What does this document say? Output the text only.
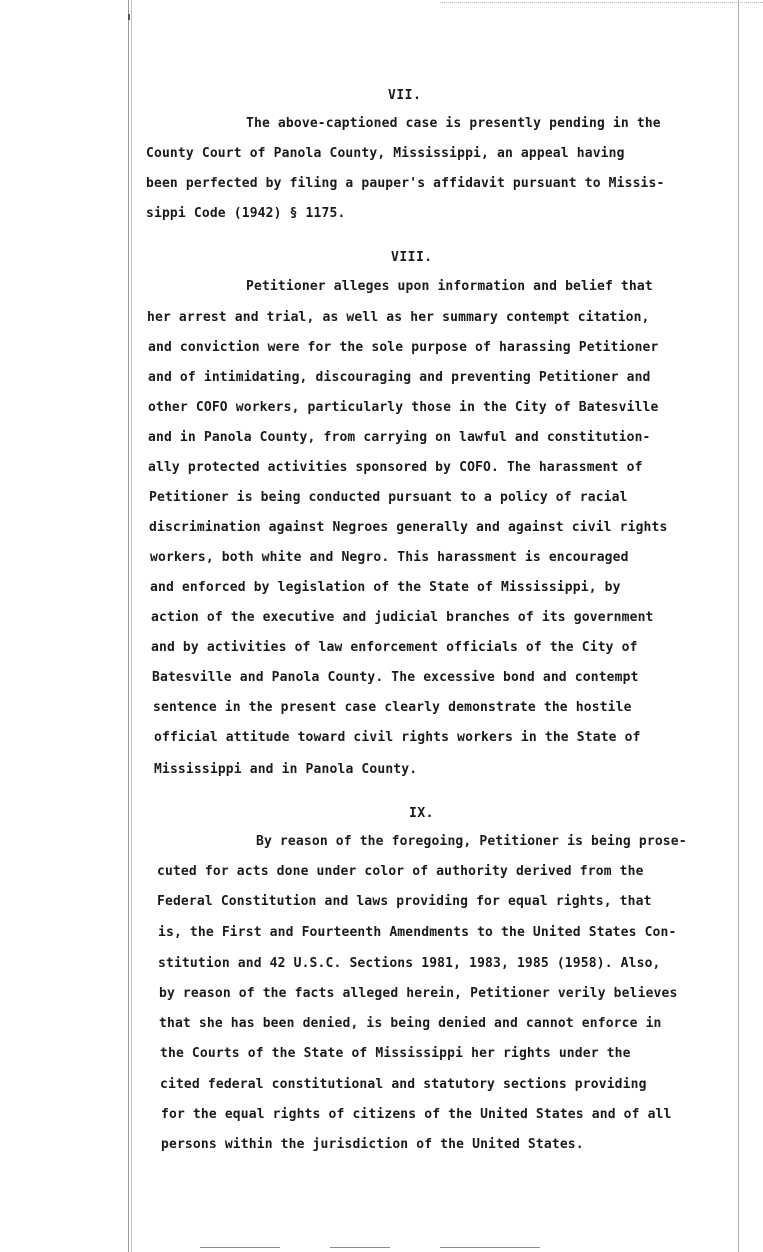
VII.
The above-captioned case is presently pending in the
County Court of Panola County, Mississippi, an appeal having
been perfected by filing a pauper's affidavit pursuant to Missis-
sippi Code (1942) § 1175.
VIII.
Petitioner alleges upon information and belief that
her arrest and trial, as well as her summary contempt citation,
and conviction were for the sole purpose of harassing Petitioner
and of intimidating, discouraging and preventing Petitioner and
other COFO workers, particularly those in the City of Batesville
and in Panola County, from carrying on lawful and constitution-
ally protected activities sponsored by COFO. The harassment of
Petitioner is being conducted pursuant to a policy of racial
discrimination against Negroes generally and against civil rights
workers, both white and Negro. This harassment is encouraged
and enforced by legislation of the State of Mississippi, by
action of the executive and judicial branches of its government
and by activities of law enforcement officials of the City of
Batesville and Panola County. The excessive bond and contempt
sentence in the present case clearly demonstrate the hostile
official attitude toward civil rights workers in the State of
Mississippi and in Panola County.
IX.
By reason of the foregoing, Petitioner is being prose-
cuted for acts done under color of authority derived from the
Federal Constitution and laws providing for equal rights, that
is, the First and Fourteenth Amendments to the United States Con-
stitution and 42 U.S.C. Sections 1981, 1983, 1985 (1958). Also,
by reason of the facts alleged herein, Petitioner verily believes
that she has been denied, is being denied and cannot enforce in
the Courts of the State of Mississippi her rights under the
cited federal constitutional and statutory sections providing
for the equal rights of citizens of the United States and of all
persons within the jurisdiction of the United States.
